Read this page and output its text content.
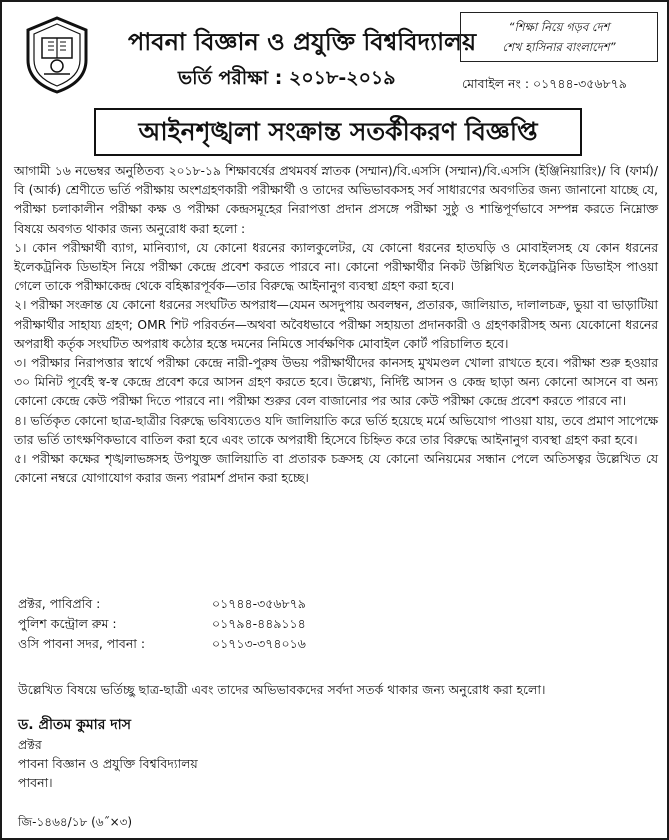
পাবনা বিজ্ঞান ও প্রযুক্তি বিশ্ববিদ্যালয়
ভর্তি পরীক্ষা : ২০১৮-২০১৯
“শিক্ষা নিয়ে গড়ব দেশ
শেখ হাসিনার বাংলাদেশ”
মোবাইল নং : ০১৭৪৪-৩৫৬৮৭৯
আইনশৃঙ্খলা সংক্রান্ত সতর্কীকরণ বিজ্ঞপ্তি

আগামী ১৬ নভেম্বর অনুষ্ঠিতব্য ২০১৮-১৯ শিক্ষাবর্ষের প্রথমবর্ষ স্নাতক (সম্মান)/বি.এসসি (সম্মান)/বি.এসসি (ইঞ্জিনিয়ারিং)/ বি (ফার্ম)/বি (আর্ক) শ্রেণীতে ভর্তি পরীক্ষায় অংশগ্রহণকারী পরীক্ষার্থী ও তাদের অভিভাবকসহ সর্ব সাধারণের অবগতির জন্য জানানো যাচ্ছে যে, পরীক্ষা চলাকালীন পরীক্ষা কক্ষ ও পরীক্ষা কেন্দ্রসমূহের নিরাপত্তা প্রদান প্রসঙ্গে পরীক্ষা সুষ্ঠু ও শান্তিপূর্ণভাবে সম্পন্ন করতে নিম্নোক্ত বিষয়ে অবগত থাকার জন্য অনুরোধ করা হলো :

১। কোন পরীক্ষার্থী ব্যাগ, মানিব্যাগ, যে কোনো ধরনের ক্যালকুলেটর, যে কোনো ধরনের হাতঘড়ি ও মোবাইলসহ যে কোন ধরনের ইলেকট্রনিক ডিভাইস নিয়ে পরীক্ষা কেন্দ্রে প্রবেশ করতে পারবে না। কোনো পরীক্ষার্থীর নিকট উল্লিখিত ইলেকট্রনিক ডিভাইস পাওয়া গেলে তাকে পরীক্ষাকেন্দ্র থেকে বহিষ্কারপূর্বক—তার বিরুদ্ধে আইনানুগ ব্যবস্থা গ্রহণ করা হবে।

২। পরীক্ষা সংক্রান্ত যে কোনো ধরনের সংঘটিত অপরাধ—যেমন অসদুপায় অবলম্বন, প্রতারক, জালিয়াত, দালালচক্র, ভুয়া বা ভাড়াটিয়া পরীক্ষার্থীর সাহায্য গ্রহণ; OMR শিট পরিবর্তন—অথবা অবৈধভাবে পরীক্ষা সহায়তা প্রদানকারী ও গ্রহণকারীসহ অন্য যেকোনো ধরনের অপরাধী কর্তৃক সংঘটিত অপরাধ কঠোর হস্তে দমনের নিমিত্তে সার্বক্ষণিক মোবাইল কোর্ট পরিচালিত হবে।

৩। পরীক্ষার নিরাপত্তার স্বার্থে পরীক্ষা কেন্দ্রে নারী-পুরুষ উভয় পরীক্ষার্থীদের কানসহ মুখমণ্ডল খোলা রাখতে হবে। পরীক্ষা শুরু হওয়ার ৩০ মিনিট পূর্বেই স্ব-স্ব কেন্দ্রে প্রবেশ করে আসন গ্রহণ করতে হবে। উল্লেখ্য, নির্দিষ্ট আসন ও কেন্দ্র ছাড়া অন্য কোনো আসনে বা অন্য কোনো কেন্দ্রে কেউ পরীক্ষা দিতে পারবে না। পরীক্ষা শুরুর বেল বাজানোর পর আর কেউ পরীক্ষা কেন্দ্রে প্রবেশ করতে পারবে না।

৪। ভর্তিকৃত কোনো ছাত্র-ছাত্রীর বিরুদ্ধে ভবিষ্যতেও যদি জালিয়াতি করে ভর্তি হয়েছে মর্মে অভিযোগ পাওয়া যায়, তবে প্রমাণ সাপেক্ষে তার ভর্তি তাৎক্ষণিকভাবে বাতিল করা হবে এবং তাকে অপরাধী হিসেবে চিহ্নিত করে তার বিরুদ্ধে আইনানুগ ব্যবস্থা গ্রহণ করা হবে।

৫। পরীক্ষা কক্ষের শৃঙ্খলাভঙ্গসহ উপযুক্ত জালিয়াতি বা প্রতারক চক্রসহ যে কোনো অনিয়মের সন্ধান পেলে অতিসত্বর উল্লেখিত যে কোনো নম্বরে যোগাযোগ করার জন্য পরামর্শ প্রদান করা হচ্ছে।

প্রক্টর, পাবিপ্রবি :	০১৭৪৪-৩৫৬৮৭৯
পুলিশ কন্ট্রোল রুম :	০১৭৯৪-৪৪৯১১৪
ওসি পাবনা সদর, পাবনা :	০১৭১৩-৩৭৪০১৬
উল্লেখিত বিষয়ে ভর্তিচ্ছু ছাত্র-ছাত্রী এবং তাদের অভিভাবকদের সর্বদা সতর্ক থাকার জন্য অনুরোধ করা হলো।
ড. প্রীতম কুমার দাস
প্রক্টর
পাবনা বিজ্ঞান ও প্রযুক্তি বিশ্ববিদ্যালয়
পাবনা।
জি-১৪৬৪/১৮ (৬˝×৩)
